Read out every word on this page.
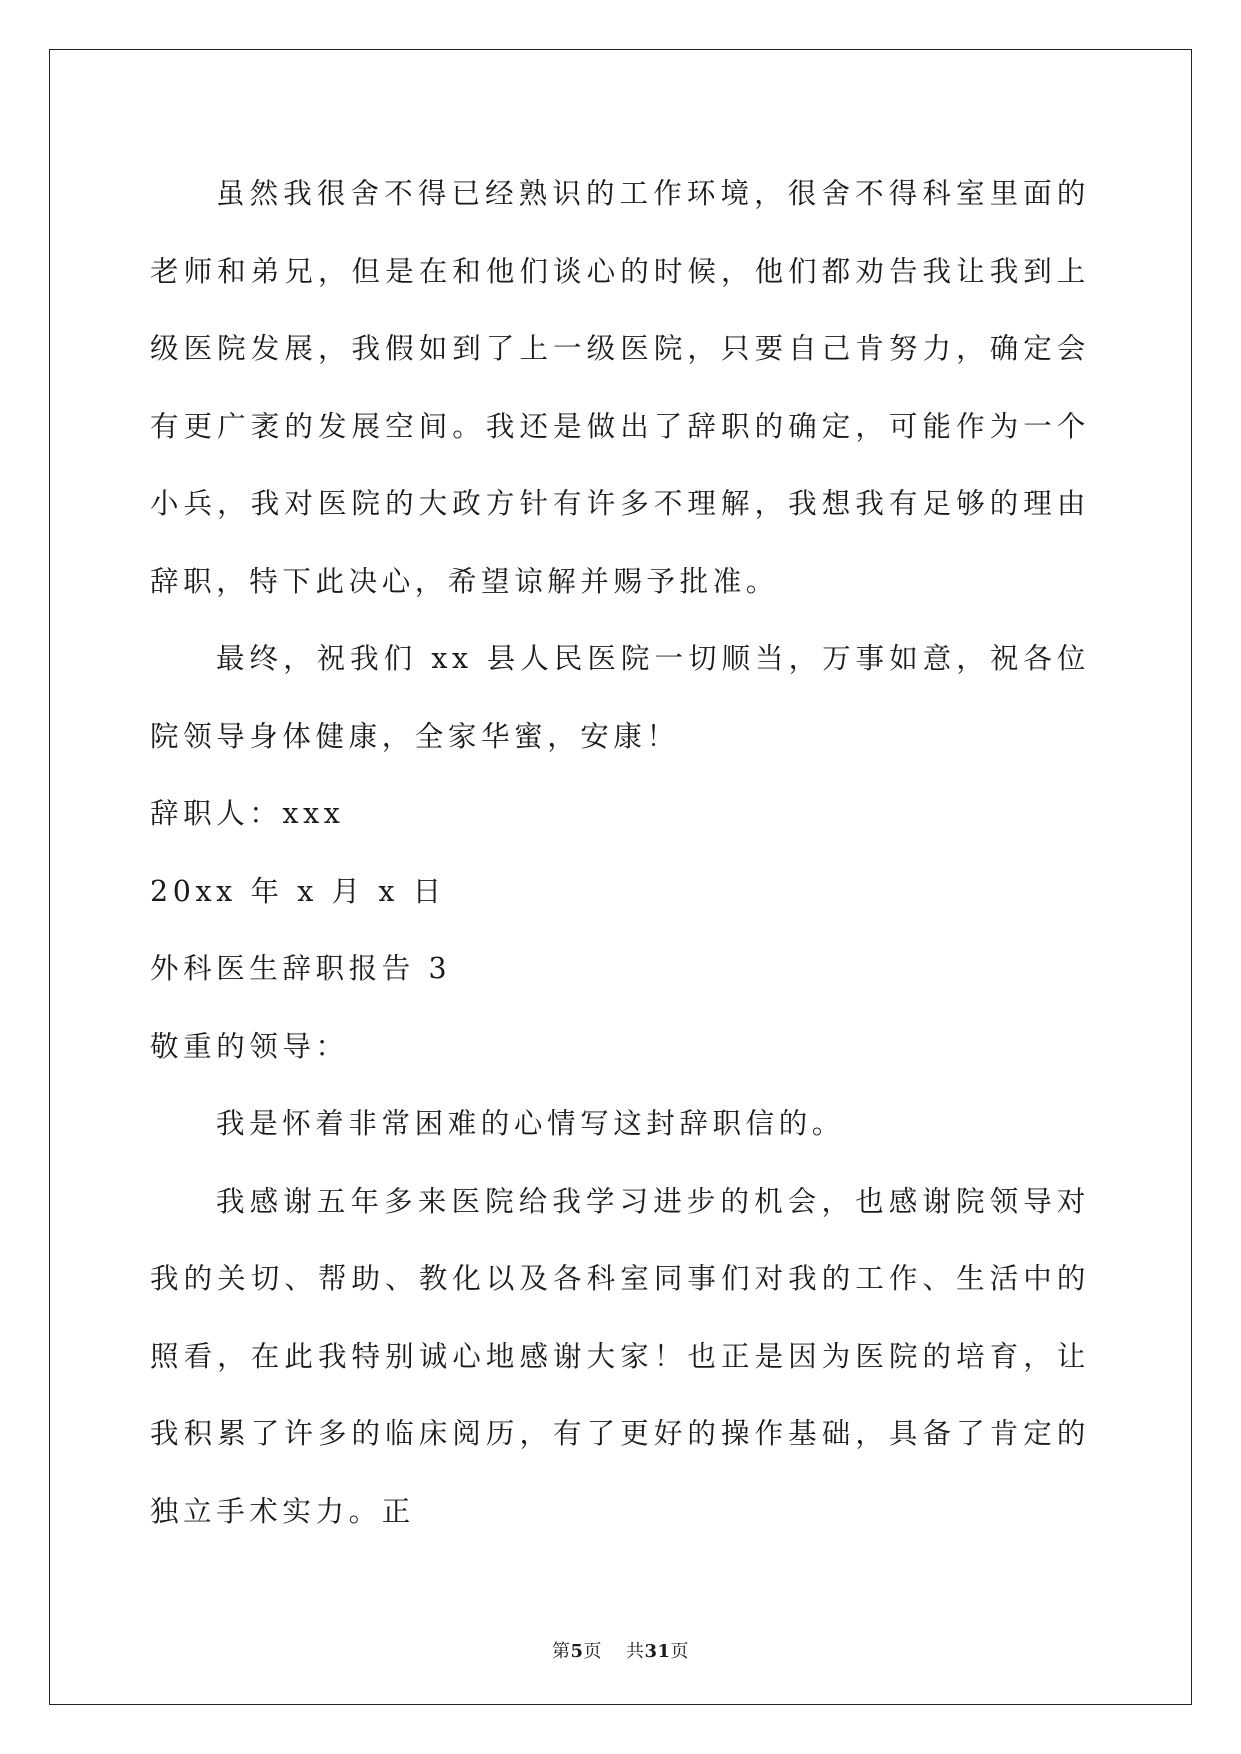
虽然我很舍不得已经熟识的工作环境，很舍不得科室里面的老师和弟兄，但是在和他们谈心的时候，他们都劝告我让我到上级医院发展，我假如到了上一级医院，只要自己肯努力，确定会有更广袤的发展空间。我还是做出了辞职的确定，可能作为一个小兵，我对医院的大政方针有许多不理解，我想我有足够的理由辞职，特下此决心，希望谅解并赐予批准。

最终，祝我们 xx 县人民医院一切顺当，万事如意，祝各位院领导身体健康，全家华蜜，安康！

辞职人：xxx

20xx 年 x 月 x 日

外科医生辞职报告 3

敬重的领导：

我是怀着非常困难的心情写这封辞职信的。

我感谢五年多来医院给我学习进步的机会，也感谢院领导对我的关切、帮助、教化以及各科室同事们对我的工作、生活中的照看，在此我特别诚心地感谢大家！也正是因为医院的培育，让我积累了许多的临床阅历，有了更好的操作基础，具备了肯定的独立手术实力。正

第5页 共31页
